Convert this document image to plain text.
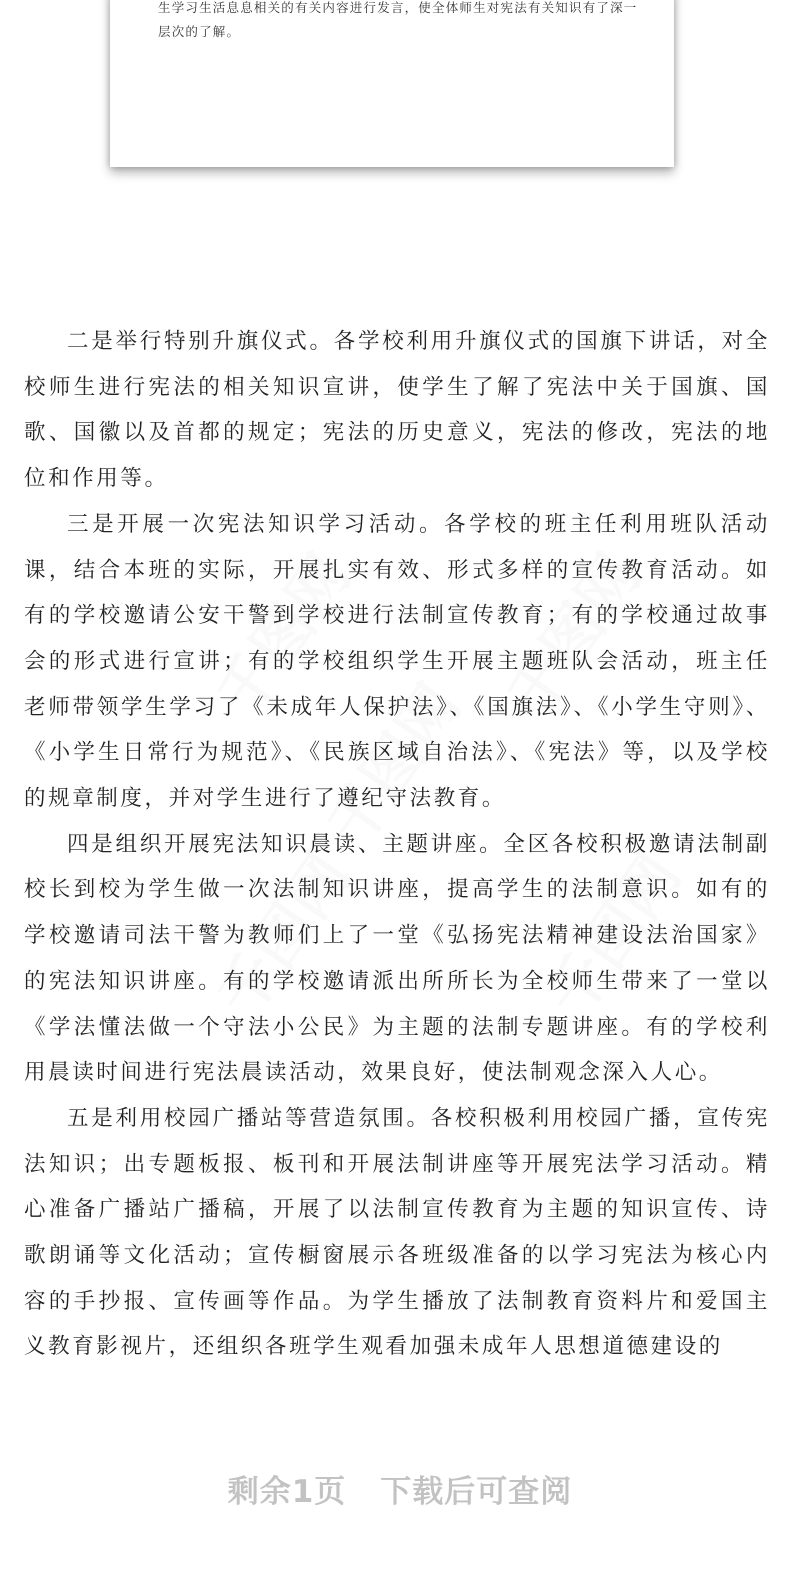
生学习生活息息相关的有关内容进行发言，使全体师生对宪法有关知识有了深一层次的了解。

二是举行特别升旗仪式。各学校利用升旗仪式的国旗下讲话，对全校师生进行宪法的相关知识宣讲，使学生了解了宪法中关于国旗、国歌、国徽以及首都的规定；宪法的历史意义，宪法的修改，宪法的地位和作用等。

三是开展一次宪法知识学习活动。各学校的班主任利用班队活动课，结合本班的实际，开展扎实有效、形式多样的宣传教育活动。如有的学校邀请公安干警到学校进行法制宣传教育；有的学校通过故事会的形式进行宣讲；有的学校组织学生开展主题班队会活动，班主任老师带领学生学习了《未成年人保护法》、《国旗法》、《小学生守则》、《小学生日常行为规范》、《民族区域自治法》、《宪法》等，以及学校的规章制度，并对学生进行了遵纪守法教育。

四是组织开展宪法知识晨读、主题讲座。全区各校积极邀请法制副校长到校为学生做一次法制知识讲座，提高学生的法制意识。如有的学校邀请司法干警为教师们上了一堂《弘扬宪法精神建设法治国家》的宪法知识讲座。有的学校邀请派出所所长为全校师生带来了一堂以《学法懂法做一个守法小公民》为主题的法制专题讲座。有的学校利用晨读时间进行宪法晨读活动，效果良好，使法制观念深入人心。

五是利用校园广播站等营造氛围。各校积极利用校园广播，宣传宪法知识；出专题板报、板刊和开展法制讲座等开展宪法学习活动。精心准备广播站广播稿，开展了以法制宣传教育为主题的知识宣传、诗歌朗诵等文化活动；宣传橱窗展示各班级准备的以学习宪法为核心内容的手抄报、宣传画等作品。为学生播放了法制教育资料片和爱国主义教育影视片，还组织各班学生观看加强未成年人思想道德建设的

剩余1页 下载后可查阅
